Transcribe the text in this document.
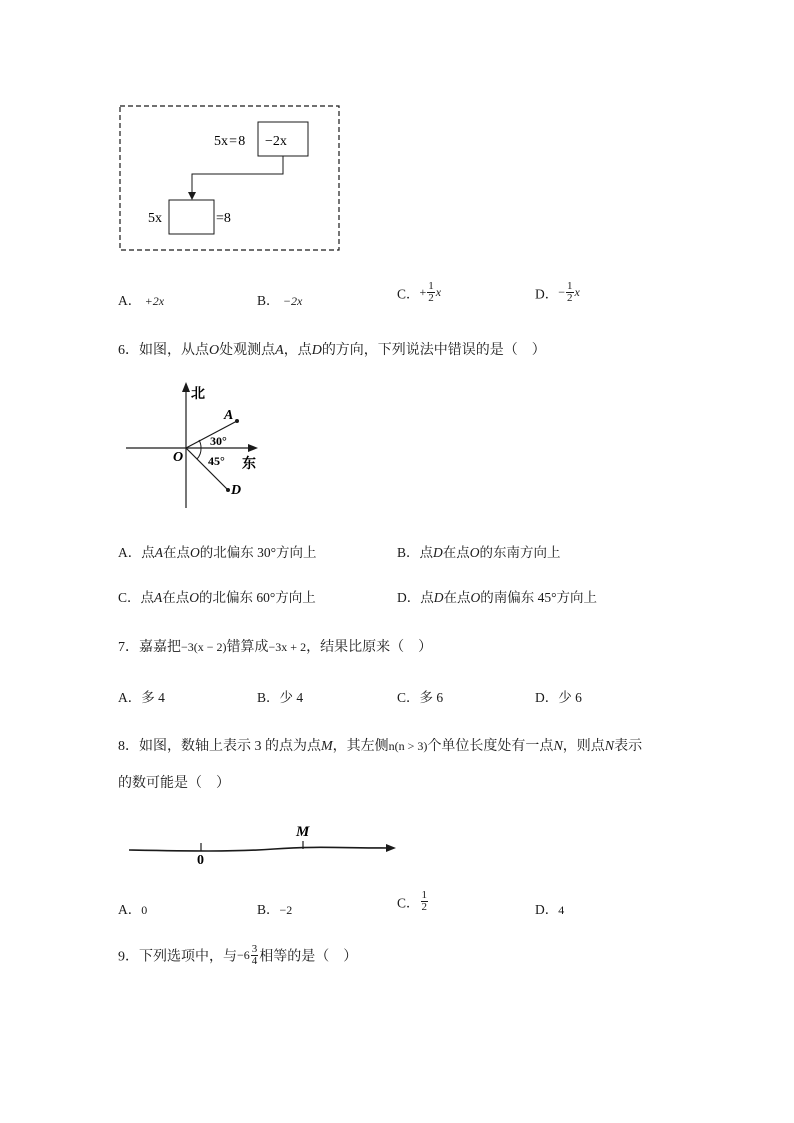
5x = 8 −2x
5x	=8
A． +2x	B． −2x	C．+ $\frac{1}{2}$ x	D．− $\frac{1}{2}$ x
6．如图，从点O处观测点A，点D的方向，下列说法中错误的是（　）
北
东
O
A
D
30°
45°
A．点A在点O的北偏东 30°方向上	B．点D在点O的东南方向上
C．点A在点O的北偏东 60°方向上	D．点D在点O的南偏东 45°方向上
7．嘉嘉把−3(x − 2)错算成−3x + 2，结果比原来（　）
A．多 4	B．少 4	C．多 6	D．少 6
8．如图，数轴上表示 3 的点为点M，其左侧n(n > 3)个单位长度处有一点N，则点N表示
的数可能是（　）
0
M
A．0	B．−2	C． $\frac{1}{2}$	D．4
9．下列选项中，与$-6 \frac{3}{4}$ 相等的是（　）
